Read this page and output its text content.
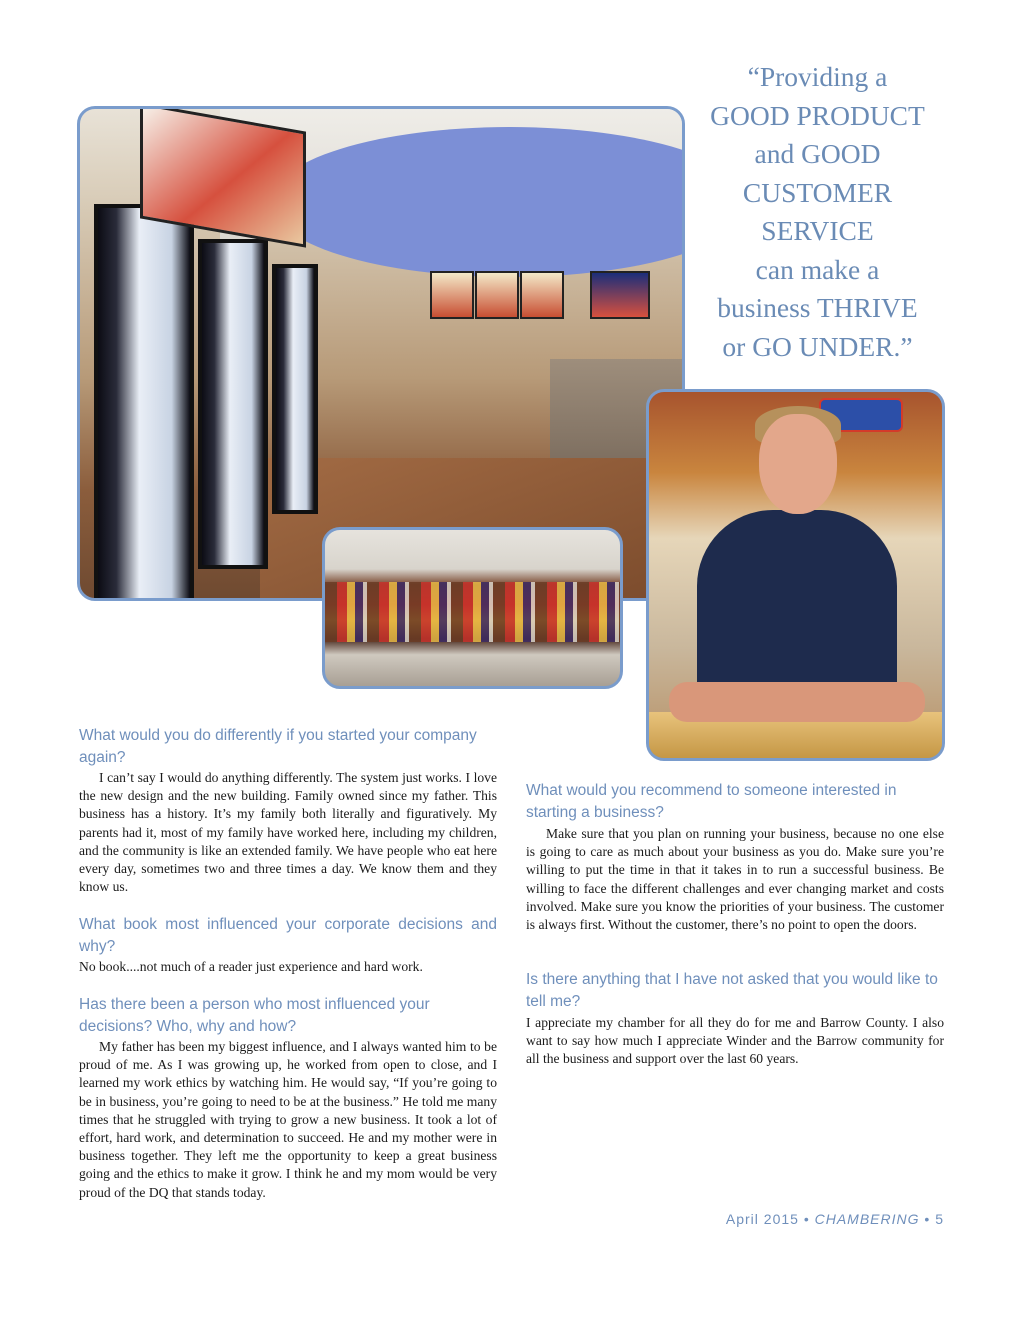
“Providing a
GOOD PRODUCT
and GOOD
CUSTOMER
SERVICE
can make a
business THRIVE
or GO UNDER.”
What would you do differently if you started your company again?
I can’t say I would do anything differently. The system just works. I love the new design and the new building. Family owned since my father. This business has a history. It’s my family both literally and figuratively. My parents had it, most of my family have worked here, including my children, and the community is like an extended family. We have people who eat here every day, sometimes two and three times a day. We know them and they know us.
What book most influenced your corporate decisions and why?
No book....not much of a reader just experience and hard work.
Has there been a person who most influenced your decisions? Who, why and how?
My father has been my biggest influence, and I always wanted him to be proud of me. As I was growing up, he worked from open to close, and I learned my work ethics by watching him. He would say, “If you’re going to be in business, you’re going to need to be at the business.” He told me many times that he struggled with trying to grow a new business. It took a lot of effort, hard work, and determination to succeed. He and my mother were in business together. They left me the opportunity to keep a great business going and the ethics to make it grow. I think he and my mom would be very proud of the DQ that stands today.
What would you recommend to someone interested in starting a business?
Make sure that you plan on running your business, because no one else is going to care as much about your business as you do. Make sure you’re willing to put the time in that it takes in to run a successful business. Be willing to face the different challenges and ever changing market and costs involved. Make sure you know the priorities of your business. The customer is always first. Without the customer, there’s no point to open the doors.
Is there anything that I have not asked that you would like to tell me?
I appreciate my chamber for all they do for me and Barrow County. I also want to say how much I appreciate Winder and the Barrow community for all the business and support over the last 60 years.
April 2015 • CHAMBERING • 5
